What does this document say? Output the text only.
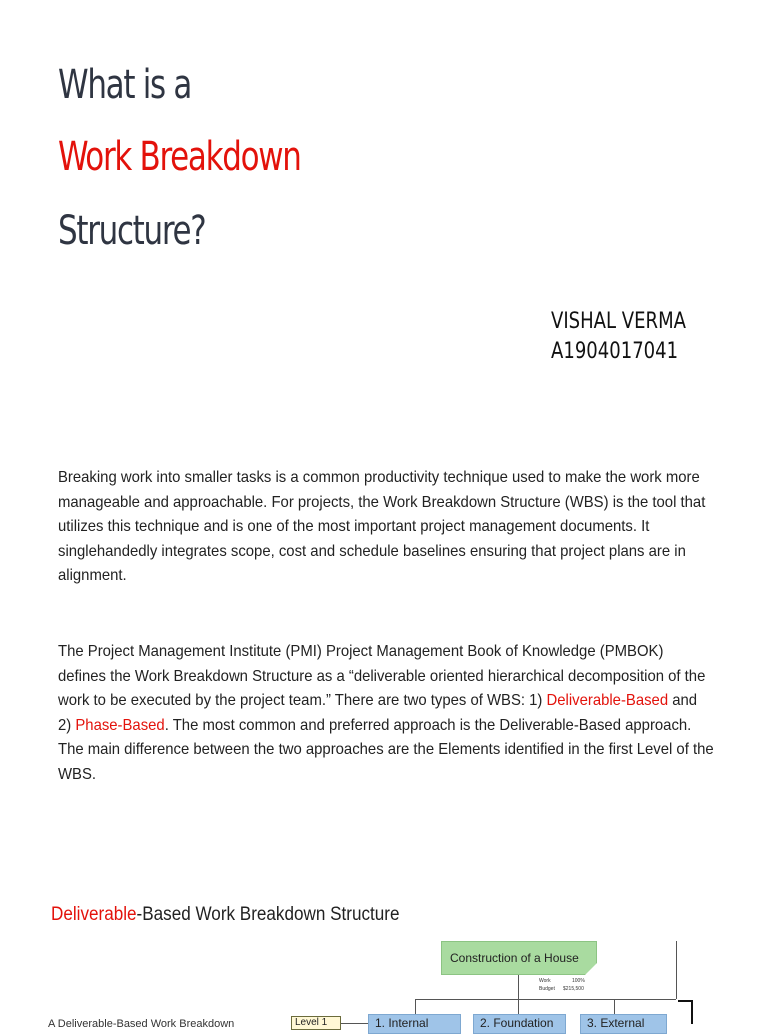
What is a
Work Breakdown
Structure?
VISHAL VERMA
A1904017041

Breaking work into smaller tasks is a common productivity technique used to make the work more manageable and approachable. For projects, the Work Breakdown Structure (WBS) is the tool that utilizes this technique and is one of the most important project management documents. It singlehandedly integrates scope, cost and schedule baselines ensuring that project plans are in alignment.

The Project Management Institute (PMI) Project Management Book of Knowledge (PMBOK) defines the Work Breakdown Structure as a “deliverable oriented hierarchical decomposition of the work to be executed by the project team.” There are two types of WBS: 1) Deliverable-Based and 2) Phase-Based. The most common and preferred approach is the Deliverable-Based approach. The main difference between the two approaches are the Elements identified in the first Level of the WBS.

Deliverable-Based Work Breakdown Structure
Construction of a House
Work	100%
Budget $215,500
Level 1	1. Internal	2. Foundation	3. External
A Deliverable-Based Work Breakdown
